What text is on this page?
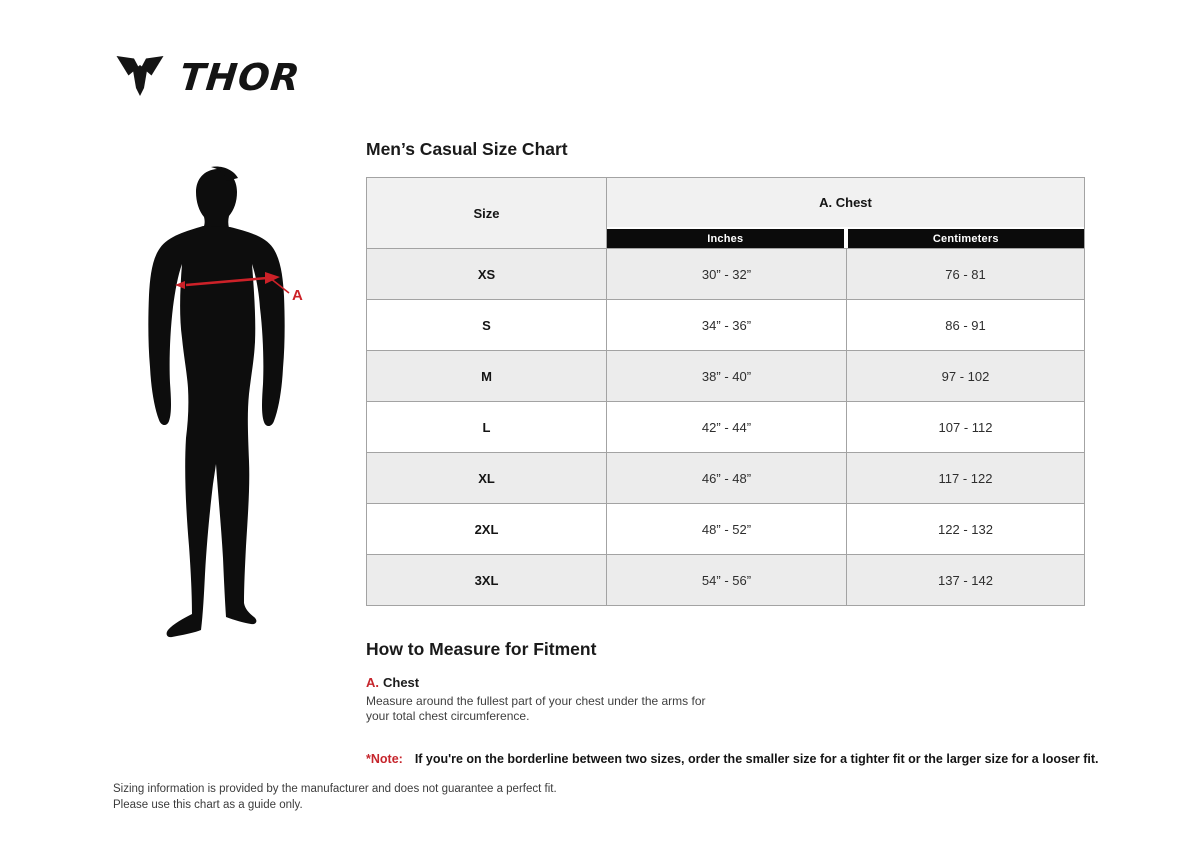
THOR
A
Men’s Casual Size Chart
Size
A. Chest
Inches	Centimeters
XS	30” - 32”	76 - 81
S	34” - 36”	86 - 91
M	38” - 40”	97 - 102
L	42” - 44”	107 - 112
XL	46” - 48”	117 - 122
2XL	48” - 52”	122 - 132
3XL	54” - 56”	137 - 142
How to Measure for Fitment
A. Chest
Measure around the fullest part of your chest under the arms for your total chest circumference.
*Note: If you're on the borderline between two sizes, order the smaller size for a tighter fit or the larger size for a looser fit.
Sizing information is provided by the manufacturer and does not guarantee a perfect fit.
Please use this chart as a guide only.
